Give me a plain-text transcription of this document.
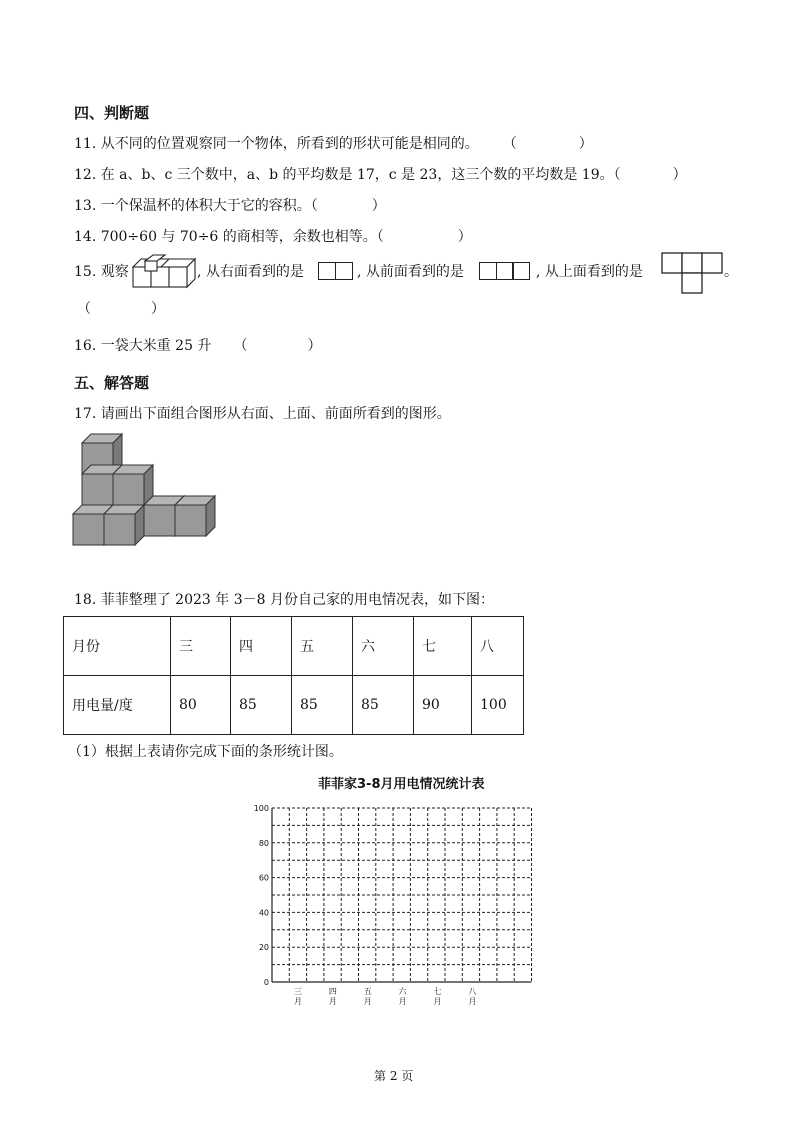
四、判断题
11. 从不同的位置观察同一个物体，所看到的形状可能是相同的。 （	）
12. 在 a、b、c 三个数中，a、b 的平均数是 17，c 是 23，这三个数的平均数是 19。（	）
13. 一个保温杯的体积大于它的容积。（	）
14. 700÷60 与 70÷6 的商相等，余数也相等。（	）
15. 观察	, 从右面看到的是	, 从前面看到的是	, 从上面看到的是	。
（	）
16. 一袋大米重 25 升 （	）
五、解答题
17. 请画出下面组合图形从右面、上面、前面所看到的图形。
18. 菲菲整理了 2023 年 3－8 月份自己家的用电情况表，如下图：
月份	三	四	五	六	七	八
用电量/度	80	85	85	85	90	100
（1）根据上表请你完成下面的条形统计图。
菲菲家3-8月用电情况统计表
0
20
40
60
80
100
三
月
四
月
五
月
六
月
七
月
八
月
第 2 页
